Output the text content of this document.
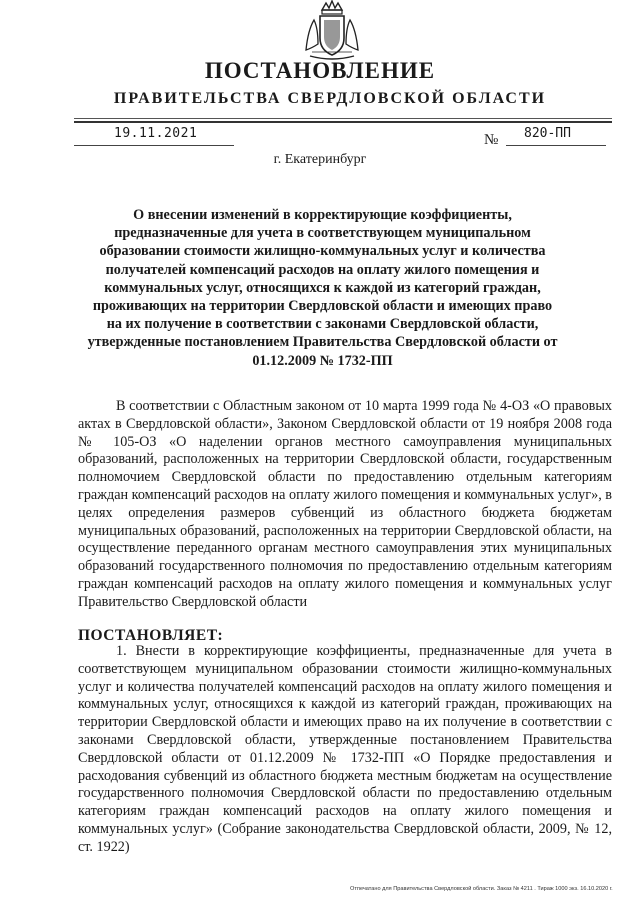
ПОСТАНОВЛЕНИЕ
ПРАВИТЕЛЬСТВА СВЕРДЛОВСКОЙ ОБЛАСТИ
19.11.2021	№ 820-ПП
г. Екатеринбург
О внесении изменений в корректирующие коэффициенты, предназначенные для учета в соответствующем муниципальном образовании стоимости жилищно-коммунальных услуг и количества получателей компенсаций расходов на оплату жилого помещения и коммунальных услуг, относящихся к каждой из категорий граждан, проживающих на территории Свердловской области и имеющих право на их получение в соответствии с законами Свердловской области, утвержденные постановлением Правительства Свердловской области от 01.12.2009 № 1732-ПП
В соответствии с Областным законом от 10 марта 1999 года № 4-ОЗ «О правовых актах в Свердловской области», Законом Свердловской области от 19 ноября 2008 года № 105-ОЗ «О наделении органов местного самоуправления муниципальных образований, расположенных на территории Свердловской области, государственным полномочием Свердловской области по предоставлению отдельным категориям граждан компенсаций расходов на оплату жилого помещения и коммунальных услуг», в целях определения размеров субвенций из областного бюджета бюджетам муниципальных образований, расположенных на территории Свердловской области, на осуществление переданного органам местного самоуправления этих муниципальных образований государственного полномочия по предоставлению отдельным категориям граждан компенсаций расходов на оплату жилого помещения и коммунальных услуг Правительство Свердловской области
ПОСТАНОВЛЯЕТ:
1. Внести в корректирующие коэффициенты, предназначенные для учета в соответствующем муниципальном образовании стоимости жилищно-коммунальных услуг и количества получателей компенсаций расходов на оплату жилого помещения и коммунальных услуг, относящихся к каждой из категорий граждан, проживающих на территории Свердловской области и имеющих право на их получение в соответствии с законами Свердловской области, утвержденные постановлением Правительства Свердловской области от 01.12.2009 № 1732-ПП «О Порядке предоставления и расходования субвенций из областного бюджета местным бюджетам на осуществление государственного полномочия Свердловской области по предоставлению отдельным категориям граждан компенсаций расходов на оплату жилого помещения и коммунальных услуг» (Собрание законодательства Свердловской области, 2009, № 12, ст. 1922)
Отпечатано для Правительства Свердловской области. Заказ № 4211 . Тираж 1000 экз. 16.10.2020 г.
